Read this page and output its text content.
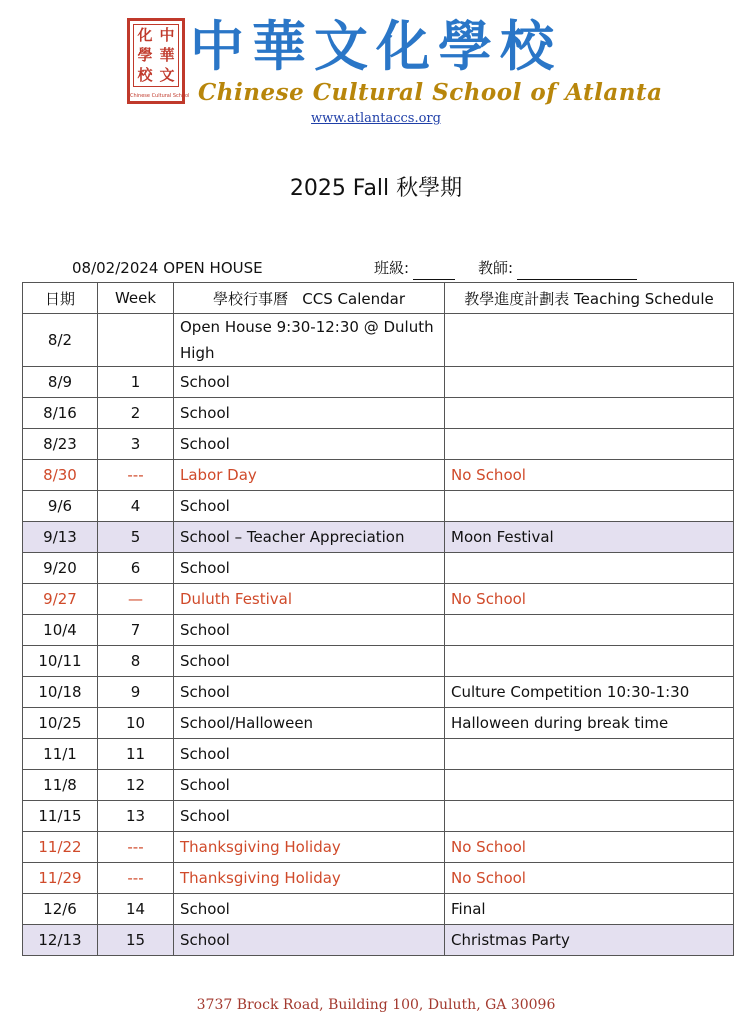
化 中
學 華
校 文
Chinese Cultural School
中華文化學校
Chinese Cultural School of Atlanta
www.atlantaccs.org
2025 Fall 秋學期
08/02/2024 OPEN HOUSE	班級:	教師:
日期	Week	學校行事曆   CCS Calendar	教學進度計劃表 Teaching Schedule
8/2		Open House 9:30-12:30 @ Duluth High	
8/9	1	School	
8/16	2	School	
8/23	3	School	
8/30	---	Labor Day	No School
9/6	4	School	
9/13	5	School – Teacher Appreciation	Moon Festival
9/20	6	School	
9/27	—	Duluth Festival	No School
10/4	7	School	
10/11	8	School	
10/18	9	School	Culture Competition 10:30-1:30
10/25	10	School/Halloween	Halloween during break time
11/1	11	School	
11/8	12	School	
11/15	13	School	
11/22	---	Thanksgiving Holiday	No School
11/29	---	Thanksgiving Holiday	No School
12/6	14	School	Final
12/13	15	School	Christmas Party
3737 Brock Road, Building 100, Duluth, GA 30096
